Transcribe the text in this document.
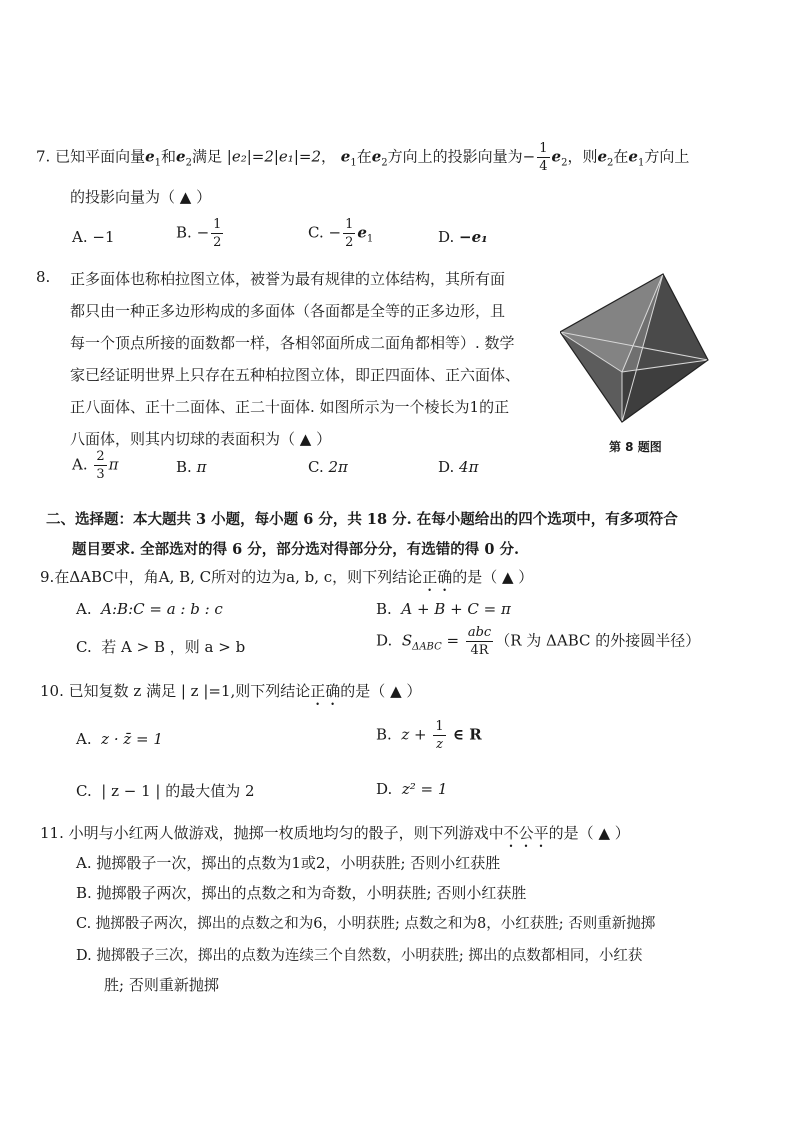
7. 已知平面向量$e_1$和$e_2$满足 |e₂|=2|e₁|=2， $e_1$在$e_2$方向上的投影向量为− $\frac{1}{4} e_2$，则$e_2$在$e_1$方向上
的投影向量为（ ▲ ）
A. −1	B. − $\frac{1}{2}$	C. − $\frac{1}{2} e_1$	D. −e₁
8. 正多面体也称柏拉图立体，被誉为最有规律的立体结构，其所有面
都只由一种正多边形构成的多面体（各面都是全等的正多边形，且
每一个顶点所接的面数都一样，各相邻面所成二面角都相等）. 数学
家已经证明世界上只存在五种柏拉图立体，即正四面体、正六面体、
正八面体、正十二面体、正二十面体. 如图所示为一个棱长为1的正
八面体，则其内切球的表面积为（ ▲ ）	第 8 题图
A. $\frac{2}{3}$ π	B. π	C. 2π	D. 4π
二、选择题：本大题共 3 小题，每小题 6 分，共 18 分. 在每小题给出的四个选项中，有多项符合
题目要求. 全部选对的得 6 分，部分选对得部分分，有选错的得 0 分.
9.在ΔABC中，角A, B, C所对的边为a, b, c，则下列结论正确的是（ ▲ ）
A. A:B:C = a : b : c	B. A + B + C = π
C. 若 A > B ，则 a > b	D. $S_{\Delta ABC} = \frac{\text{abc}}{4R} (R$ 为 ΔABC 的外接圆半径）
10. 已知复数 z 满足 | z |=1,则下列结论正确的是（ ▲ ）
A. z · z̄ = 1	B. $z + \frac{1}{z}$ ∈ R
C. | z − 1 | 的最大值为 2	D. z² = 1
11. 小明与小红两人做游戏，抛掷一枚质地均匀的骰子，则下列游戏中不公平的是（ ▲ ）
A. 抛掷骰子一次，掷出的点数为1或2，小明获胜; 否则小红获胜
B. 抛掷骰子两次，掷出的点数之和为奇数，小明获胜; 否则小红获胜
C. 抛掷骰子两次，掷出的点数之和为6，小明获胜; 点数之和为8，小红获胜; 否则重新抛掷
D. 抛掷骰子三次，掷出的点数为连续三个自然数，小明获胜; 掷出的点数都相同，小红获
胜; 否则重新抛掷
